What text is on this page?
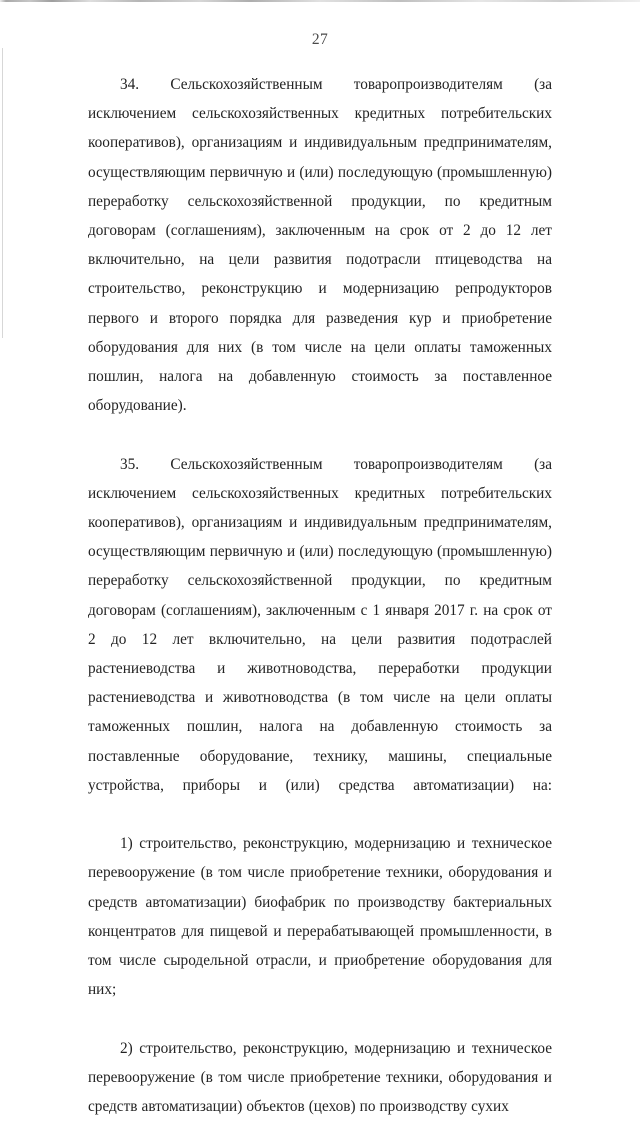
27

34. Сельскохозяйственным товаропроизводителям (за исключением сельскохозяйственных кредитных потребительских кооперативов), организациям и индивидуальным предпринимателям, осуществляющим первичную и (или) последующую (промышленную) переработку сельскохозяйственной продукции, по кредитным договорам (соглашениям), заключенным на срок от 2 до 12 лет включительно, на цели развития подотрасли птицеводства на строительство, реконструкцию и модернизацию репродукторов первого и второго порядка для разведения кур и приобретение оборудования для них (в том числе на цели оплаты таможенных пошлин, налога на добавленную стоимость за поставленное оборудование).

35. Сельскохозяйственным товаропроизводителям (за исключением сельскохозяйственных кредитных потребительских кооперативов), организациям и индивидуальным предпринимателям, осуществляющим первичную и (или) последующую (промышленную) переработку сельскохозяйственной продукции, по кредитным договорам (соглашениям), заключенным с 1 января 2017 г. на срок от 2 до 12 лет включительно, на цели развития подотраслей растениеводства и животноводства, переработки продукции растениеводства и животноводства (в том числе на цели оплаты таможенных пошлин, налога на добавленную стоимость за поставленные оборудование, технику, машины, специальные устройства, приборы и (или) средства автоматизации) на:

1) строительство, реконструкцию, модернизацию и техническое перевооружение (в том числе приобретение техники, оборудования и средств автоматизации) биофабрик по производству бактериальных концентратов для пищевой и перерабатывающей промышленности, в том числе сыродельной отрасли, и приобретение оборудования для них;

2) строительство, реконструкцию, модернизацию и техническое перевооружение (в том числе приобретение техники, оборудования и средств автоматизации) объектов (цехов) по производству сухих
